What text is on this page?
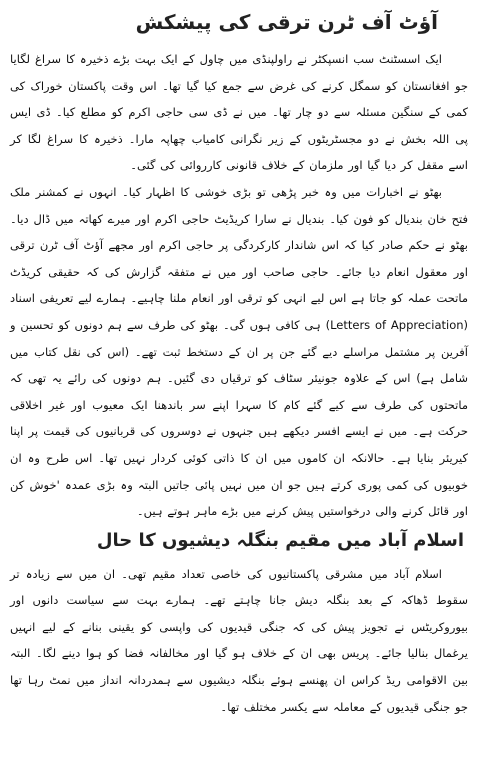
آؤٹ آف ٹرن ترقی کی پیشکش

ایک اسسٹنٹ سب انسپکٹر نے راولپنڈی میں چاول کے ایک بہت بڑے ذخیرہ کا سراغ لگایا جو افغانستان کو سمگل کرنے کی غرض سے جمع کیا گیا تھا۔ اس وقت پاکستان خوراک کی کمی کے سنگین مسئلہ سے دو چار تھا۔ میں نے ڈی سی حاجی اکرم کو مطلع کیا۔ ڈی ایس پی اللہ بخش نے دو مجسٹریٹوں کے زیر نگرانی کامیاب چھاپہ مارا۔ ذخیرہ کا سراغ لگا کر اسے مقفل کر دیا گیا اور ملزمان کے خلاف قانونی کارروائی کی گئی۔

بھٹو نے اخبارات میں وہ خبر پڑھی تو بڑی خوشی کا اظہار کیا۔ انہوں نے کمشنر ملک فتح خان بندیال کو فون کیا۔ بندیال نے سارا کریڈیٹ حاجی اکرم اور میرے کھاتہ میں ڈال دیا۔ بھٹو نے حکم صادر کیا کہ اس شاندار کارکردگی پر حاجی اکرم اور مجھے آؤٹ آف ٹرن ترقی اور معقول انعام دیا جائے۔ حاجی صاحب اور میں نے متفقہ گزارش کی کہ حقیقی کریڈٹ ماتحت عملہ کو جاتا ہے اس لیے انہی کو ترقی اور انعام ملنا چاہیے۔ ہمارے لیے تعریفی اسناد (Letters of Appreciation) ہی کافی ہوں گی۔ بھٹو کی طرف سے ہم دونوں کو تحسین و آفرین پر مشتمل مراسلے دیے گئے جن پر ان کے دستخط ثبت تھے۔ (اس کی نقل کتاب میں شامل ہے) اس کے علاوہ جونیئر سٹاف کو ترقیاں دی گئیں۔ ہم دونوں کی رائے یہ تھی کہ ماتحتوں کی طرف سے کیے گئے کام کا سہرا اپنے سر باندھنا ایک معیوب اور غیر اخلاقی حرکت ہے۔ میں نے ایسے افسر دیکھے ہیں جنہوں نے دوسروں کی قربانیوں کی قیمت پر اپنا کیریئر بنایا ہے۔ حالانکہ ان کاموں میں ان کا ذاتی کوئی کردار نہیں تھا۔ اس طرح وہ ان خوبیوں کی کمی پوری کرتے ہیں جو ان میں نہیں پائی جاتیں البتہ وہ بڑی عمدہ 'خوش کن اور قائل کرنے والی درخواستیں پیش کرنے میں بڑے ماہر ہوتے ہیں۔

اسلام آباد میں مقیم بنگلہ دیشیوں کا حال

اسلام آباد میں مشرقی پاکستانیوں کی خاصی تعداد مقیم تھی۔ ان میں سے زیادہ تر سقوط ڈھاکہ کے بعد بنگلہ دیش جانا چاہتے تھے۔ ہمارے بہت سے سیاست دانوں اور بیوروکریٹس نے تجویز پیش کی کہ جنگی قیدیوں کی واپسی کو یقینی بنانے کے لیے انہیں یرغمال بنالیا جائے۔ پریس بھی ان کے خلاف ہو گیا اور مخالفانہ فضا کو ہوا دینے لگا۔ البتہ بین الاقوامی ریڈ کراس ان پھنسے ہوئے بنگلہ دیشیوں سے ہمدردانہ انداز میں نمٹ رہا تھا جو جنگی قیدیوں کے معاملہ سے یکسر مختلف تھا۔
